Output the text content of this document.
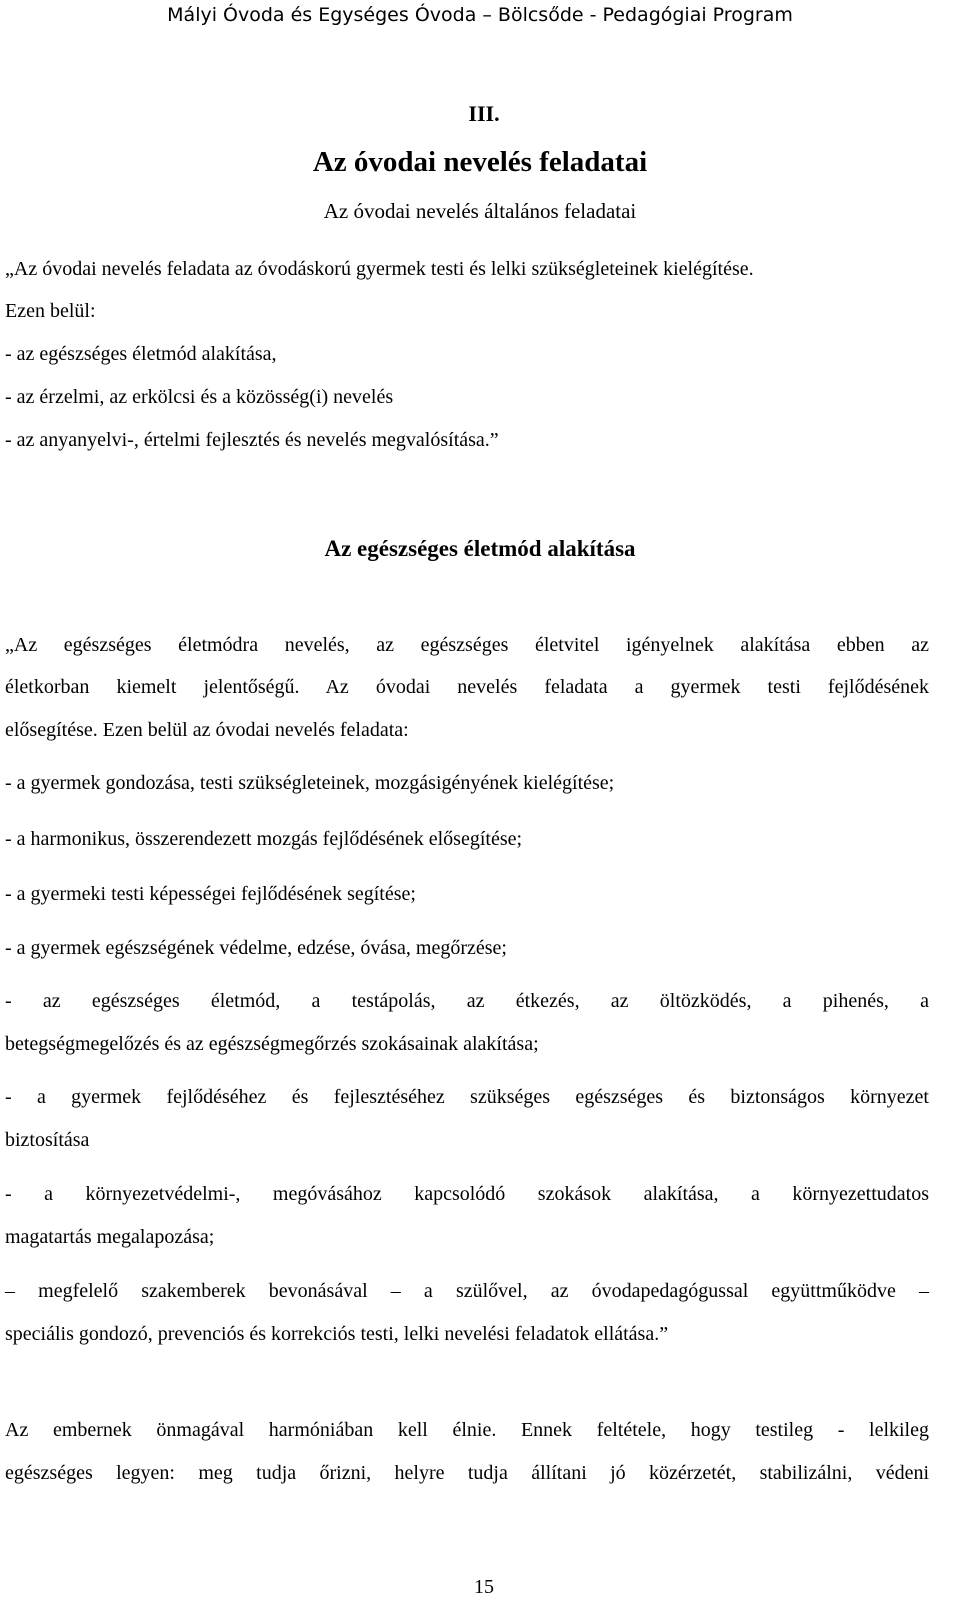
Mályi Óvoda és Egységes Óvoda – Bölcsőde - Pedagógiai Program
III.
Az óvodai nevelés feladatai
Az óvodai nevelés általános feladatai
„Az óvodai nevelés feladata az óvodáskorú gyermek testi és lelki szükségleteinek kielégítése.
Ezen belül:
- az egészséges életmód alakítása,
- az érzelmi, az erkölcsi és a közösség(i) nevelés
- az anyanyelvi-, értelmi fejlesztés és nevelés megvalósítása.”
Az egészséges életmód alakítása
„Az egészséges életmódra nevelés, az egészséges életvitel igényelnek alakítása ebben az
életkorban kiemelt jelentőségű. Az óvodai nevelés feladata a gyermek testi fejlődésének
elősegítése. Ezen belül az óvodai nevelés feladata:
- a gyermek gondozása, testi szükségleteinek, mozgásigényének kielégítése;
- a harmonikus, összerendezett mozgás fejlődésének elősegítése;
- a gyermeki testi képességei fejlődésének segítése;
- a gyermek egészségének védelme, edzése, óvása, megőrzése;
- az egészséges életmód, a testápolás, az étkezés, az öltözködés, a pihenés, a
betegségmegelőzés és az egészségmegőrzés szokásainak alakítása;
- a gyermek fejlődéséhez és fejlesztéséhez szükséges egészséges és biztonságos környezet
biztosítása
- a környezetvédelmi-, megóvásához kapcsolódó szokások alakítása, a környezettudatos
magatartás megalapozása;
– megfelelő szakemberek bevonásával – a szülővel, az óvodapedagógussal együttműködve –
speciális gondozó, prevenciós és korrekciós testi, lelki nevelési feladatok ellátása.”
Az embernek önmagával harmóniában kell élnie. Ennek feltétele, hogy testileg - lelkileg
egészséges legyen: meg tudja őrizni, helyre tudja állítani jó közérzetét, stabilizálni, védeni
15
